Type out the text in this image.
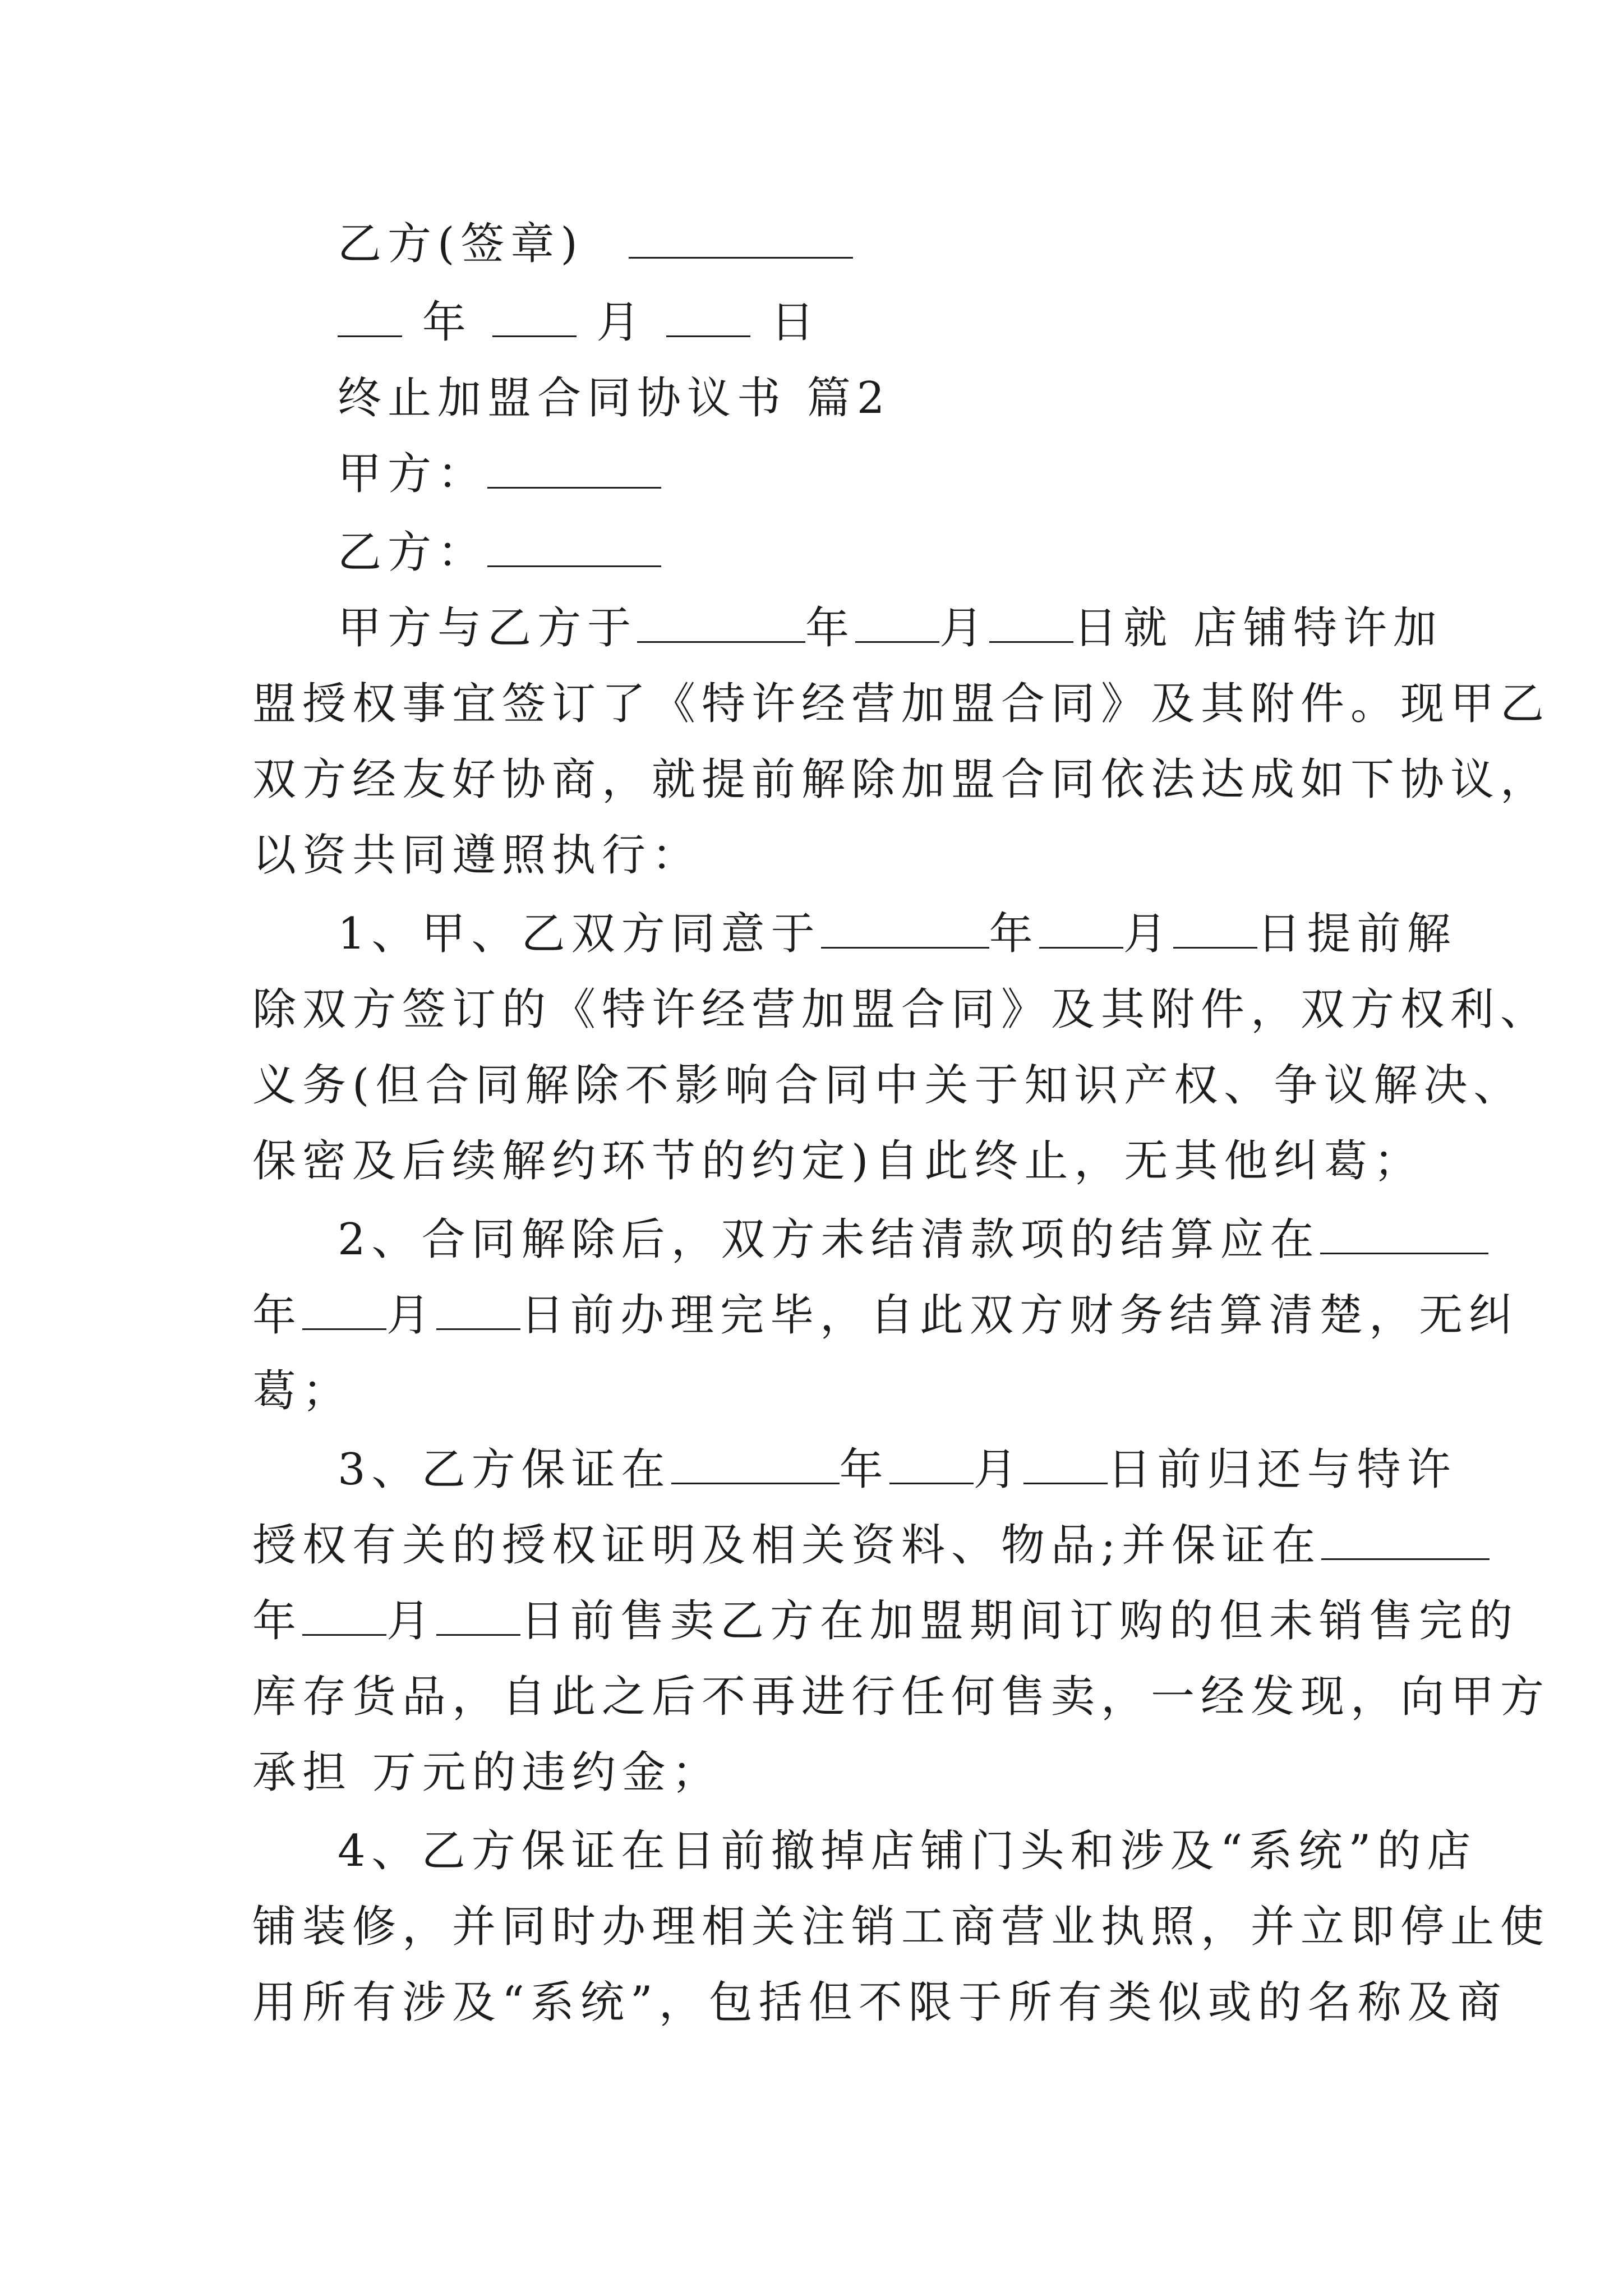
乙方(签章)
年	月	日
终止加盟合同协议书 篇2
甲方：
乙方：
甲方与乙方于	年 月 日就 店铺特许加
盟授权事宜签订了《特许经营加盟合同》及其附件。现甲乙
双方经友好协商，就提前解除加盟合同依法达成如下协议，
以资共同遵照执行：
1、甲、乙双方同意于	年 月 日提前解
除双方签订的《特许经营加盟合同》及其附件，双方权利、
义务(但合同解除不影响合同中关于知识产权、争议解决、
保密及后续解约环节的约定)自此终止，无其他纠葛；
2、合同解除后，双方未结清款项的结算应在
年 月 日前办理完毕，自此双方财务结算清楚，无纠
葛；
3、乙方保证在	年 月 日前归还与特许
授权有关的授权证明及相关资料、物品;并保证在
年 月 日前售卖乙方在加盟期间订购的但未销售完的
库存货品，自此之后不再进行任何售卖，一经发现，向甲方
承担 万元的违约金；
4、乙方保证在日前撤掉店铺门头和涉及“系统”的店
铺装修，并同时办理相关注销工商营业执照，并立即停止使
用所有涉及“系统”，包括但不限于所有类似或的名称及商
